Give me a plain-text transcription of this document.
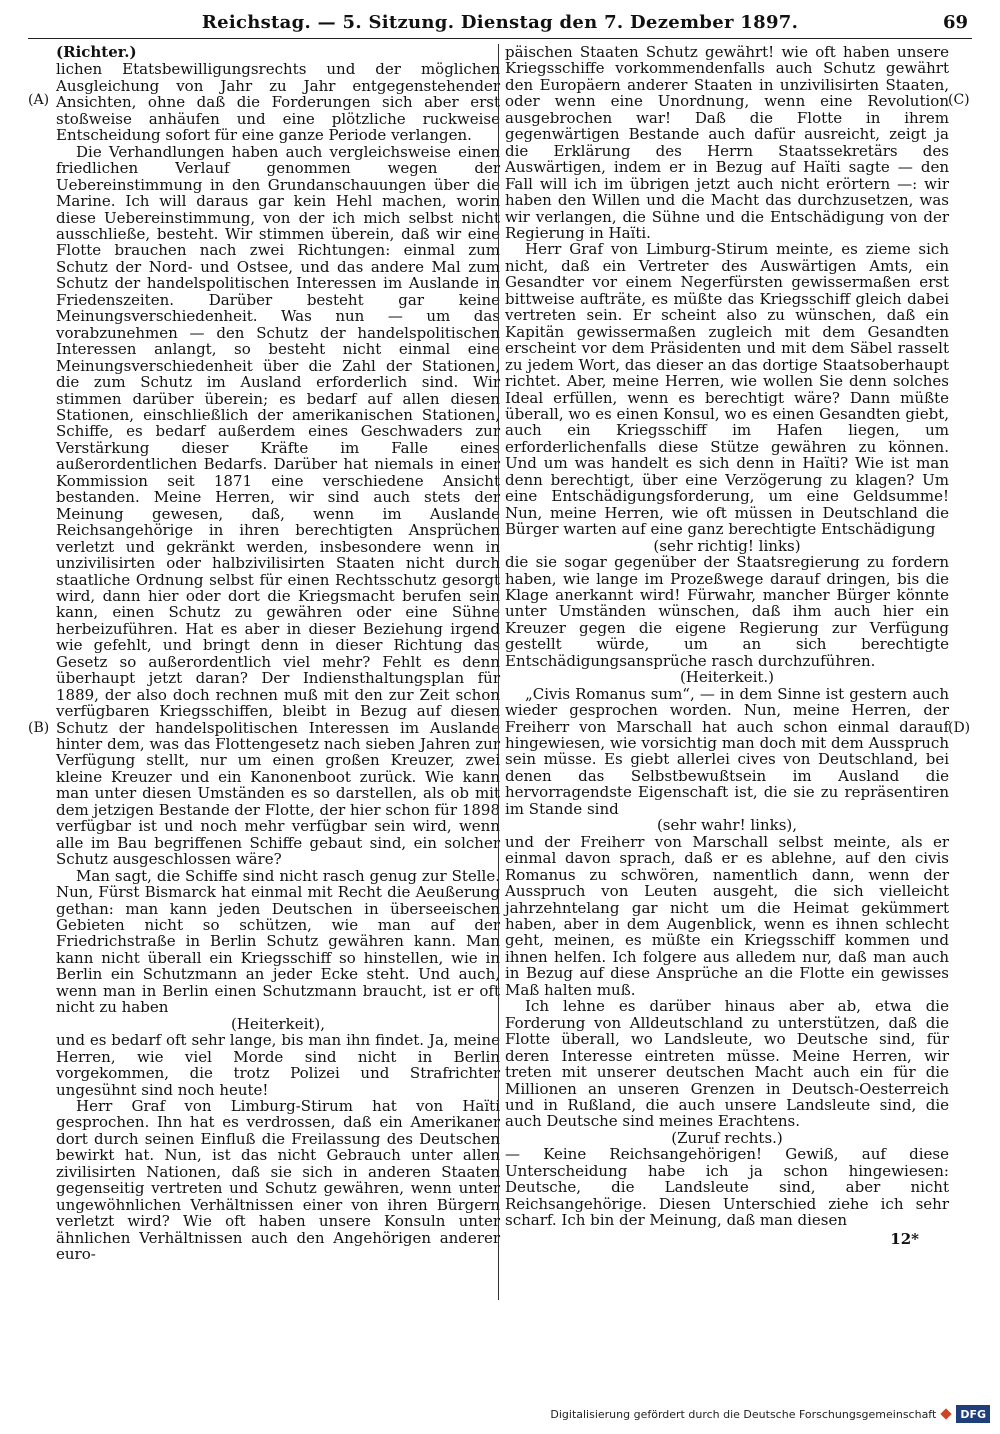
Reichstag. — 5. Sitzung. Dienstag den 7. Dezember 1897.	69
(A)
(B)
(C)
(D)

(Richter.)

lichen Etatsbewilligungsrechts und der möglichen Ausgleichung von Jahr zu Jahr entgegenstehender Ansichten, ohne daß die Forderungen sich aber erst stoßweise anhäufen und eine plötzliche ruckweise Entscheidung sofort für eine ganze Periode verlangen.

Die Verhandlungen haben auch vergleichsweise einen friedlichen Verlauf genommen wegen der Uebereinstimmung in den Grundanschauungen über die Marine. Ich will daraus gar kein Hehl machen, worin diese Uebereinstimmung, von der ich mich selbst nicht ausschließe, besteht. Wir stimmen überein, daß wir eine Flotte brauchen nach zwei Richtungen: einmal zum Schutz der Nord- und Ostsee, und das andere Mal zum Schutz der handelspolitischen Interessen im Auslande in Friedenszeiten. Darüber besteht gar keine Meinungsverschiedenheit. Was nun — um das vorabzunehmen — den Schutz der handelspolitischen Interessen anlangt, so besteht nicht einmal eine Meinungsverschiedenheit über die Zahl der Stationen, die zum Schutz im Ausland erforderlich sind. Wir stimmen darüber überein; es bedarf auf allen diesen Stationen, einschließlich der amerikanischen Stationen, Schiffe, es bedarf außerdem eines Geschwaders zur Verstärkung dieser Kräfte im Falle eines außerordentlichen Bedarfs. Darüber hat niemals in einer Kommission seit 1871 eine verschiedene Ansicht bestanden. Meine Herren, wir sind auch stets der Meinung gewesen, daß, wenn im Auslande Reichsangehörige in ihren berechtigten Ansprüchen verletzt und gekränkt werden, insbesondere wenn in unzivilisirten oder halbzivilisirten Staaten nicht durch staatliche Ordnung selbst für einen Rechtsschutz gesorgt wird, dann hier oder dort die Kriegsmacht berufen sein kann, einen Schutz zu gewähren oder eine Sühne herbeizuführen. Hat es aber in dieser Beziehung irgend wie gefehlt, und bringt denn in dieser Richtung das Gesetz so außerordentlich viel mehr? Fehlt es denn überhaupt jetzt daran? Der Indiensthaltungsplan für 1889, der also doch rechnen muß mit den zur Zeit schon verfügbaren Kriegsschiffen, bleibt in Bezug auf diesen Schutz der handelspolitischen Interessen im Auslande hinter dem, was das Flottengesetz nach sieben Jahren zur Verfügung stellt, nur um einen großen Kreuzer, zwei kleine Kreuzer und ein Kanonenboot zurück. Wie kann man unter diesen Umständen es so darstellen, als ob mit dem jetzigen Bestande der Flotte, der hier schon für 1898 verfügbar ist und noch mehr verfügbar sein wird, wenn alle im Bau begriffenen Schiffe gebaut sind, ein solcher Schutz ausgeschlossen wäre?

Man sagt, die Schiffe sind nicht rasch genug zur Stelle. Nun, Fürst Bismarck hat einmal mit Recht die Aeußerung gethan: man kann jeden Deutschen in überseeischen Gebieten nicht so schützen, wie man auf der Friedrichstraße in Berlin Schutz gewähren kann. Man kann nicht überall ein Kriegsschiff so hinstellen, wie in Berlin ein Schutzmann an jeder Ecke steht. Und auch, wenn man in Berlin einen Schutzmann braucht, ist er oft nicht zu haben

(Heiterkeit),

und es bedarf oft sehr lange, bis man ihn findet. Ja, meine Herren, wie viel Morde sind nicht in Berlin vorgekommen, die trotz Polizei und Strafrichter ungesühnt sind noch heute!

Herr Graf von Limburg-Stirum hat von Haïti gesprochen. Ihn hat es verdrossen, daß ein Amerikaner dort durch seinen Einfluß die Freilassung des Deutschen bewirkt hat. Nun, ist das nicht Gebrauch unter allen zivilisirten Nationen, daß sie sich in anderen Staaten gegenseitig vertreten und Schutz gewähren, wenn unter ungewöhnlichen Verhältnissen einer von ihren Bürgern verletzt wird? Wie oft haben unsere Konsuln unter ähnlichen Verhältnissen auch den Angehörigen anderer euro-

päischen Staaten Schutz gewährt! wie oft haben unsere Kriegsschiffe vorkommendenfalls auch Schutz gewährt den Europäern anderer Staaten in unzivilisirten Staaten, oder wenn eine Unordnung, wenn eine Revolution ausgebrochen war! Daß die Flotte in ihrem gegenwärtigen Bestande auch dafür ausreicht, zeigt ja die Erklärung des Herrn Staatssekretärs des Auswärtigen, indem er in Bezug auf Haïti sagte — den Fall will ich im übrigen jetzt auch nicht erörtern —: wir haben den Willen und die Macht das durchzusetzen, was wir verlangen, die Sühne und die Entschädigung von der Regierung in Haïti.

Herr Graf von Limburg-Stirum meinte, es zieme sich nicht, daß ein Vertreter des Auswärtigen Amts, ein Gesandter vor einem Negerfürsten gewissermaßen erst bittweise aufträte, es müßte das Kriegsschiff gleich dabei vertreten sein. Er scheint also zu wünschen, daß ein Kapitän gewissermaßen zugleich mit dem Gesandten erscheint vor dem Präsidenten und mit dem Säbel rasselt zu jedem Wort, das dieser an das dortige Staatsoberhaupt richtet. Aber, meine Herren, wie wollen Sie denn solches Ideal erfüllen, wenn es berechtigt wäre? Dann müßte überall, wo es einen Konsul, wo es einen Gesandten giebt, auch ein Kriegsschiff im Hafen liegen, um erforderlichenfalls diese Stütze gewähren zu können. Und um was handelt es sich denn in Haïti? Wie ist man denn berechtigt, über eine Verzögerung zu klagen? Um eine Entschädigungsforderung, um eine Geldsumme! Nun, meine Herren, wie oft müssen in Deutschland die Bürger warten auf eine ganz berechtigte Entschädigung

(sehr richtig! links)

die sie sogar gegenüber der Staatsregierung zu fordern haben, wie lange im Prozeßwege darauf dringen, bis die Klage anerkannt wird! Fürwahr, mancher Bürger könnte unter Umständen wünschen, daß ihm auch hier ein Kreuzer gegen die eigene Regierung zur Verfügung gestellt würde, um an sich berechtigte Entschädigungsansprüche rasch durchzuführen.

(Heiterkeit.)

„Civis Romanus sum“, — in dem Sinne ist gestern auch wieder gesprochen worden. Nun, meine Herren, der Freiherr von Marschall hat auch schon einmal darauf hingewiesen, wie vorsichtig man doch mit dem Ausspruch sein müsse. Es giebt allerlei cives von Deutschland, bei denen das Selbstbewußtsein im Ausland die hervorragendste Eigenschaft ist, die sie zu repräsentiren im Stande sind

(sehr wahr! links),

und der Freiherr von Marschall selbst meinte, als er einmal davon sprach, daß er es ablehne, auf den civis Romanus zu schwören, namentlich dann, wenn der Ausspruch von Leuten ausgeht, die sich vielleicht jahrzehntelang gar nicht um die Heimat gekümmert haben, aber in dem Augenblick, wenn es ihnen schlecht geht, meinen, es müßte ein Kriegsschiff kommen und ihnen helfen. Ich folgere aus alledem nur, daß man auch in Bezug auf diese Ansprüche an die Flotte ein gewisses Maß halten muß.

Ich lehne es darüber hinaus aber ab, etwa die Forderung von Alldeutschland zu unterstützen, daß die Flotte überall, wo Landsleute, wo Deutsche sind, für deren Interesse eintreten müsse. Meine Herren, wir treten mit unserer deutschen Macht auch ein für die Millionen an unseren Grenzen in Deutsch-Oesterreich und in Rußland, die auch unsere Landsleute sind, die auch Deutsche sind meines Erachtens.

(Zuruf rechts.)

— Keine Reichsangehörigen! Gewiß, auf diese Unterscheidung habe ich ja schon hingewiesen: Deutsche, die Landsleute sind, aber nicht Reichsangehörige. Diesen Unterschied ziehe ich sehr scharf. Ich bin der Meinung, daß man diesen

12*

Digitalisierung gefördert durch die Deutsche Forschungsgemeinschaft	DFG
